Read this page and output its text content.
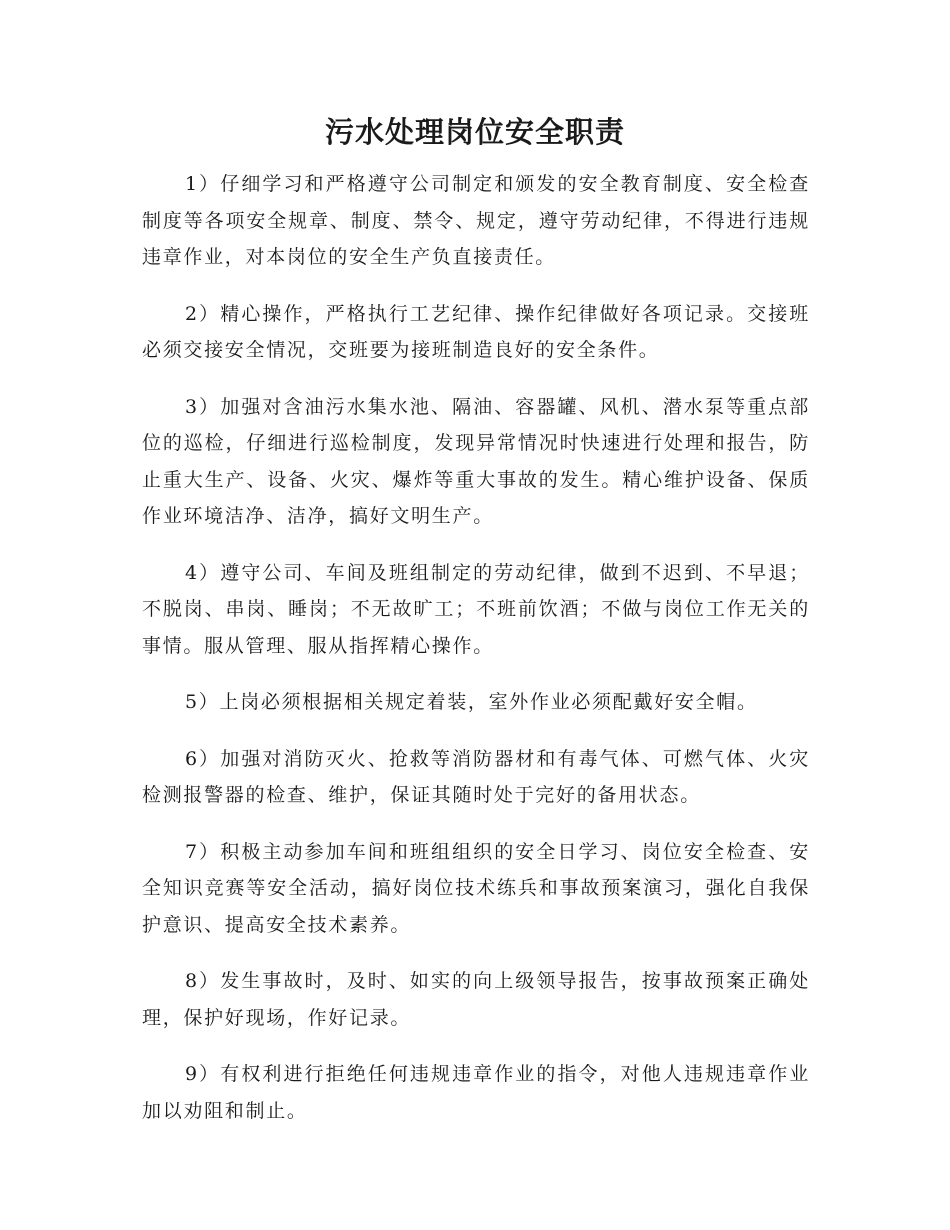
污水处理岗位安全职责

1）仔细学习和严格遵守公司制定和颁发的安全教育制度、安全检查制度等各项安全规章、制度、禁令、规定，遵守劳动纪律，不得进行违规违章作业，对本岗位的安全生产负直接责任。

2）精心操作，严格执行工艺纪律、操作纪律做好各项记录。交接班必须交接安全情况，交班要为接班制造良好的安全条件。

3）加强对含油污水集水池、隔油、容器罐、风机、潜水泵等重点部位的巡检，仔细进行巡检制度，发现异常情况时快速进行处理和报告，防止重大生产、设备、火灾、爆炸等重大事故的发生。精心维护设备、保质作业环境洁净、洁净，搞好文明生产。

4）遵守公司、车间及班组制定的劳动纪律，做到不迟到、不早退；不脱岗、串岗、睡岗；不无故旷工；不班前饮酒；不做与岗位工作无关的事情。服从管理、服从指挥精心操作。

5）上岗必须根据相关规定着装，室外作业必须配戴好安全帽。

6）加强对消防灭火、抢救等消防器材和有毒气体、可燃气体、火灾检测报警器的检查、维护，保证其随时处于完好的备用状态。

7）积极主动参加车间和班组组织的安全日学习、岗位安全检查、安全知识竞赛等安全活动，搞好岗位技术练兵和事故预案演习，强化自我保护意识、提高安全技术素养。

8）发生事故时，及时、如实的向上级领导报告，按事故预案正确处理，保护好现场，作好记录。

9）有权利进行拒绝任何违规违章作业的指令，对他人违规违章作业加以劝阻和制止。
